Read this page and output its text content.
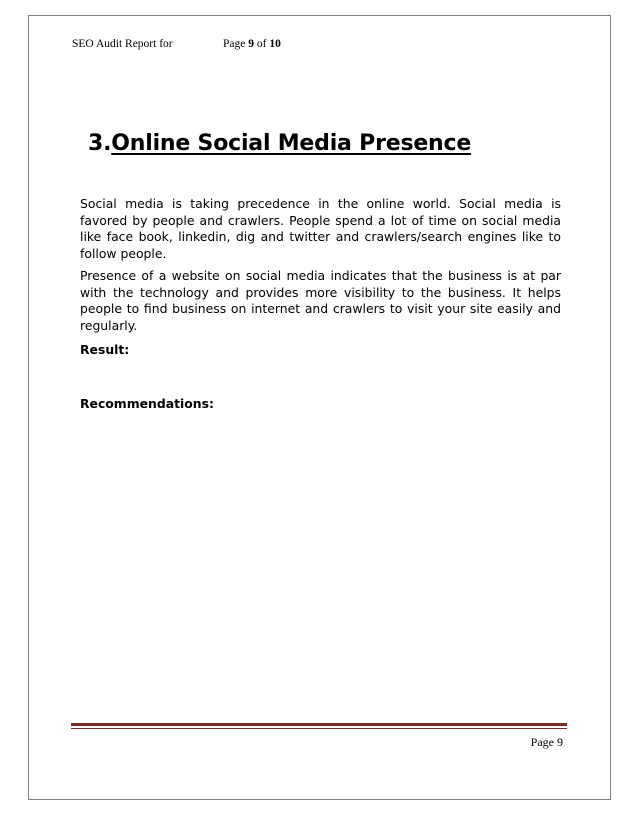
SEO Audit Report for	Page 9 of 10
3.Online Social Media Presence

Social media is taking precedence in the online world. Social media is favored by people and crawlers. People spend a lot of time on social media like face book, linkedin, dig and twitter and crawlers/search engines like to follow people.

Presence of a website on social media indicates that the business is at par with the technology and provides more visibility to the business. It helps people to find business on internet and crawlers to visit your site easily and regularly.

Result:

Recommendations:

Page 9
